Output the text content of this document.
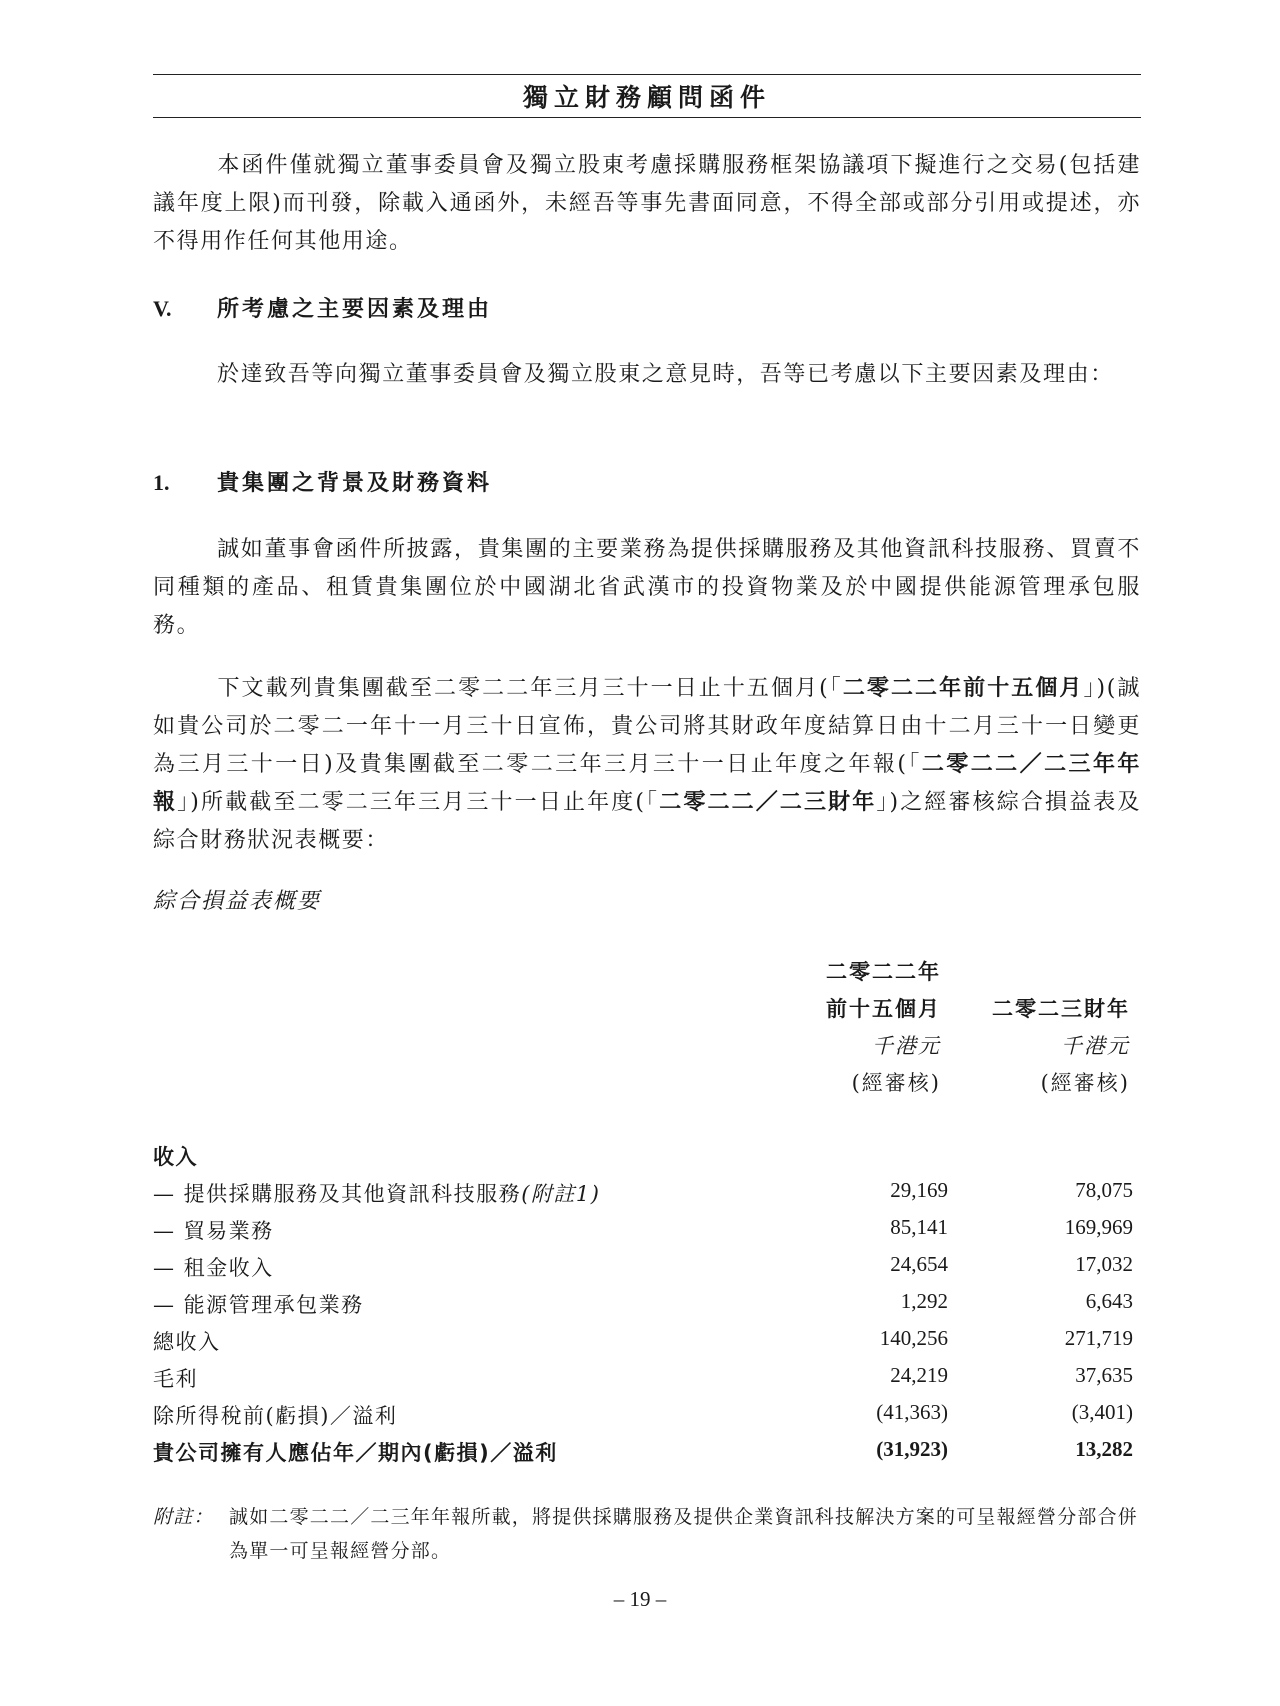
獨立財務顧問函件
本函件僅就獨立董事委員會及獨立股東考慮採購服務框架協議項下擬進行之交易(包括建議年度上限)而刊發，除載入通函外，未經吾等事先書面同意，不得全部或部分引用或提述，亦不得用作任何其他用途。
V. 所考慮之主要因素及理由
於達致吾等向獨立董事委員會及獨立股東之意見時，吾等已考慮以下主要因素及理由：
1. 貴集團之背景及財務資料
誠如董事會函件所披露，貴集團的主要業務為提供採購服務及其他資訊科技服務、買賣不同種類的產品、租賃貴集團位於中國湖北省武漢市的投資物業及於中國提供能源管理承包服務。
下文載列貴集團截至二零二二年三月三十一日止十五個月(「二零二二年前十五個月」)(誠如貴公司於二零二一年十一月三十日宣佈，貴公司將其財政年度結算日由十二月三十一日變更為三月三十一日)及貴集團截至二零二三年三月三十一日止年度之年報(「二零二二／二三年年報」)所載截至二零二三年三月三十一日止年度(「二零二二／二三財年」)之經審核綜合損益表及綜合財務狀況表概要：
綜合損益表概要
二零二二年
前十五個月
千港元
(經審核)
二零二三財年
千港元
(經審核)
收入
— 提供採購服務及其他資訊科技服務(附註1)	29,169	78,075
— 貿易業務	85,141	169,969
— 租金收入	24,654	17,032
— 能源管理承包業務	1,292	6,643
總收入	140,256	271,719
毛利	24,219	37,635
除所得稅前(虧損)／溢利	(41,363)	(3,401)
貴公司擁有人應佔年／期內(虧損)／溢利	(31,923)	13,282
附註： 誠如二零二二／二三年年報所載，將提供採購服務及提供企業資訊科技解決方案的可呈報經營分部合併為單一可呈報經營分部。
– 19 –
